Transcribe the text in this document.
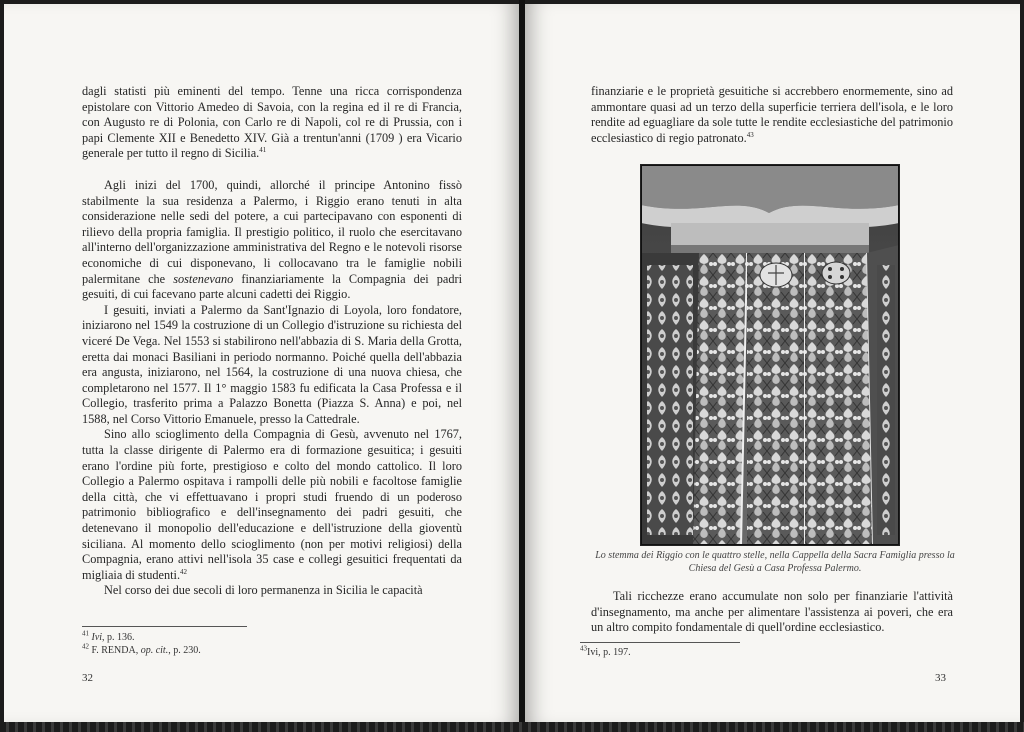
dagli statisti più eminenti del tempo. Tenne una ricca corrispondenza epistolare con Vittorio Amedeo di Savoia, con la regina ed il re di Francia, con Augusto re di Polonia, con Carlo re di Napoli, col re di Prussia, con i papi Clemente XII e Benedetto XIV. Già a trentun'anni (1709 ) era Vicario generale per tutto il regno di Sicilia.$^{41}$

Agli inizi del 1700, quindi, allorché il principe Antonino fissò stabilmente la sua residenza a Palermo, i Riggio erano tenuti in alta considerazione nelle sedi del potere, a cui partecipavano con esponenti di rilievo della propria famiglia. Il prestigio politico, il ruolo che esercitavano all'interno dell'organizzazione amministrativa del Regno e le notevoli risorse economiche di cui disponevano, li collocavano tra le famiglie nobili palermitane che sostenevano finanziariamente la Compagnia dei padri gesuiti, di cui facevano parte alcuni cadetti dei Riggio.

I gesuiti, inviati a Palermo da Sant'Ignazio di Loyola, loro fondatore, iniziarono nel 1549 la costruzione di un Collegio d'istruzione su richiesta del viceré De Vega. Nel 1553 si stabilirono nell'abbazia di S. Maria della Grotta, eretta dai monaci Basiliani in periodo normanno. Poiché quella dell'abbazia era angusta, iniziarono, nel 1564, la costruzione di una nuova chiesa, che completarono nel 1577. Il 1° maggio 1583 fu edificata la Casa Professa e il Collegio, trasferito prima a Palazzo Bonetta (Piazza S. Anna) e poi, nel 1588, nel Corso Vittorio Emanuele, presso la Cattedrale.

Sino allo scioglimento della Compagnia di Gesù, avvenuto nel 1767, tutta la classe dirigente di Palermo era di formazione gesuitica; i gesuiti erano l'ordine più forte, prestigioso e colto del mondo cattolico. Il loro Collegio a Palermo ospitava i rampolli delle più nobili e facoltose famiglie della città, che vi effettuavano i propri studi fruendo di un poderoso patrimonio bibliografico e dell'insegnamento dei padri gesuiti, che detenevano il monopolio dell'educazione e dell'istruzione della gioventù siciliana. Al momento dello scioglimento (non per motivi religiosi) della Compagnia, erano attivi nell'isola 35 case e collegi gesuitici frequentati da migliaia di studenti.$^{42}$

Nel corso dei due secoli di loro permanenza in Sicilia le capacità

$^{41}$ Ivi, p. 136.
$^{42}$ F. RENDA, op. cit., p. 230.
32

finanziarie e le proprietà gesuitiche si accrebbero enormemente, sino ad ammontare quasi ad un terzo della superficie terriera dell'isola, e le loro rendite ad eguagliare da sole tutte le rendite ecclesiastiche del patrimonio ecclesiastico di regio patronato.$^{43}$

Lo stemma dei Riggio con le quattro stelle, nella Cappella della Sacra Famiglia presso la Chiesa del Gesù a Casa Professa Palermo.

Tali ricchezze erano accumulate non solo per finanziarie l'attività d'insegnamento, ma anche per alimentare l'assistenza ai poveri, che era un altro compito fondamentale di quell'ordine ecclesiastico.

$^{43}$Ivi, p. 197.
33
